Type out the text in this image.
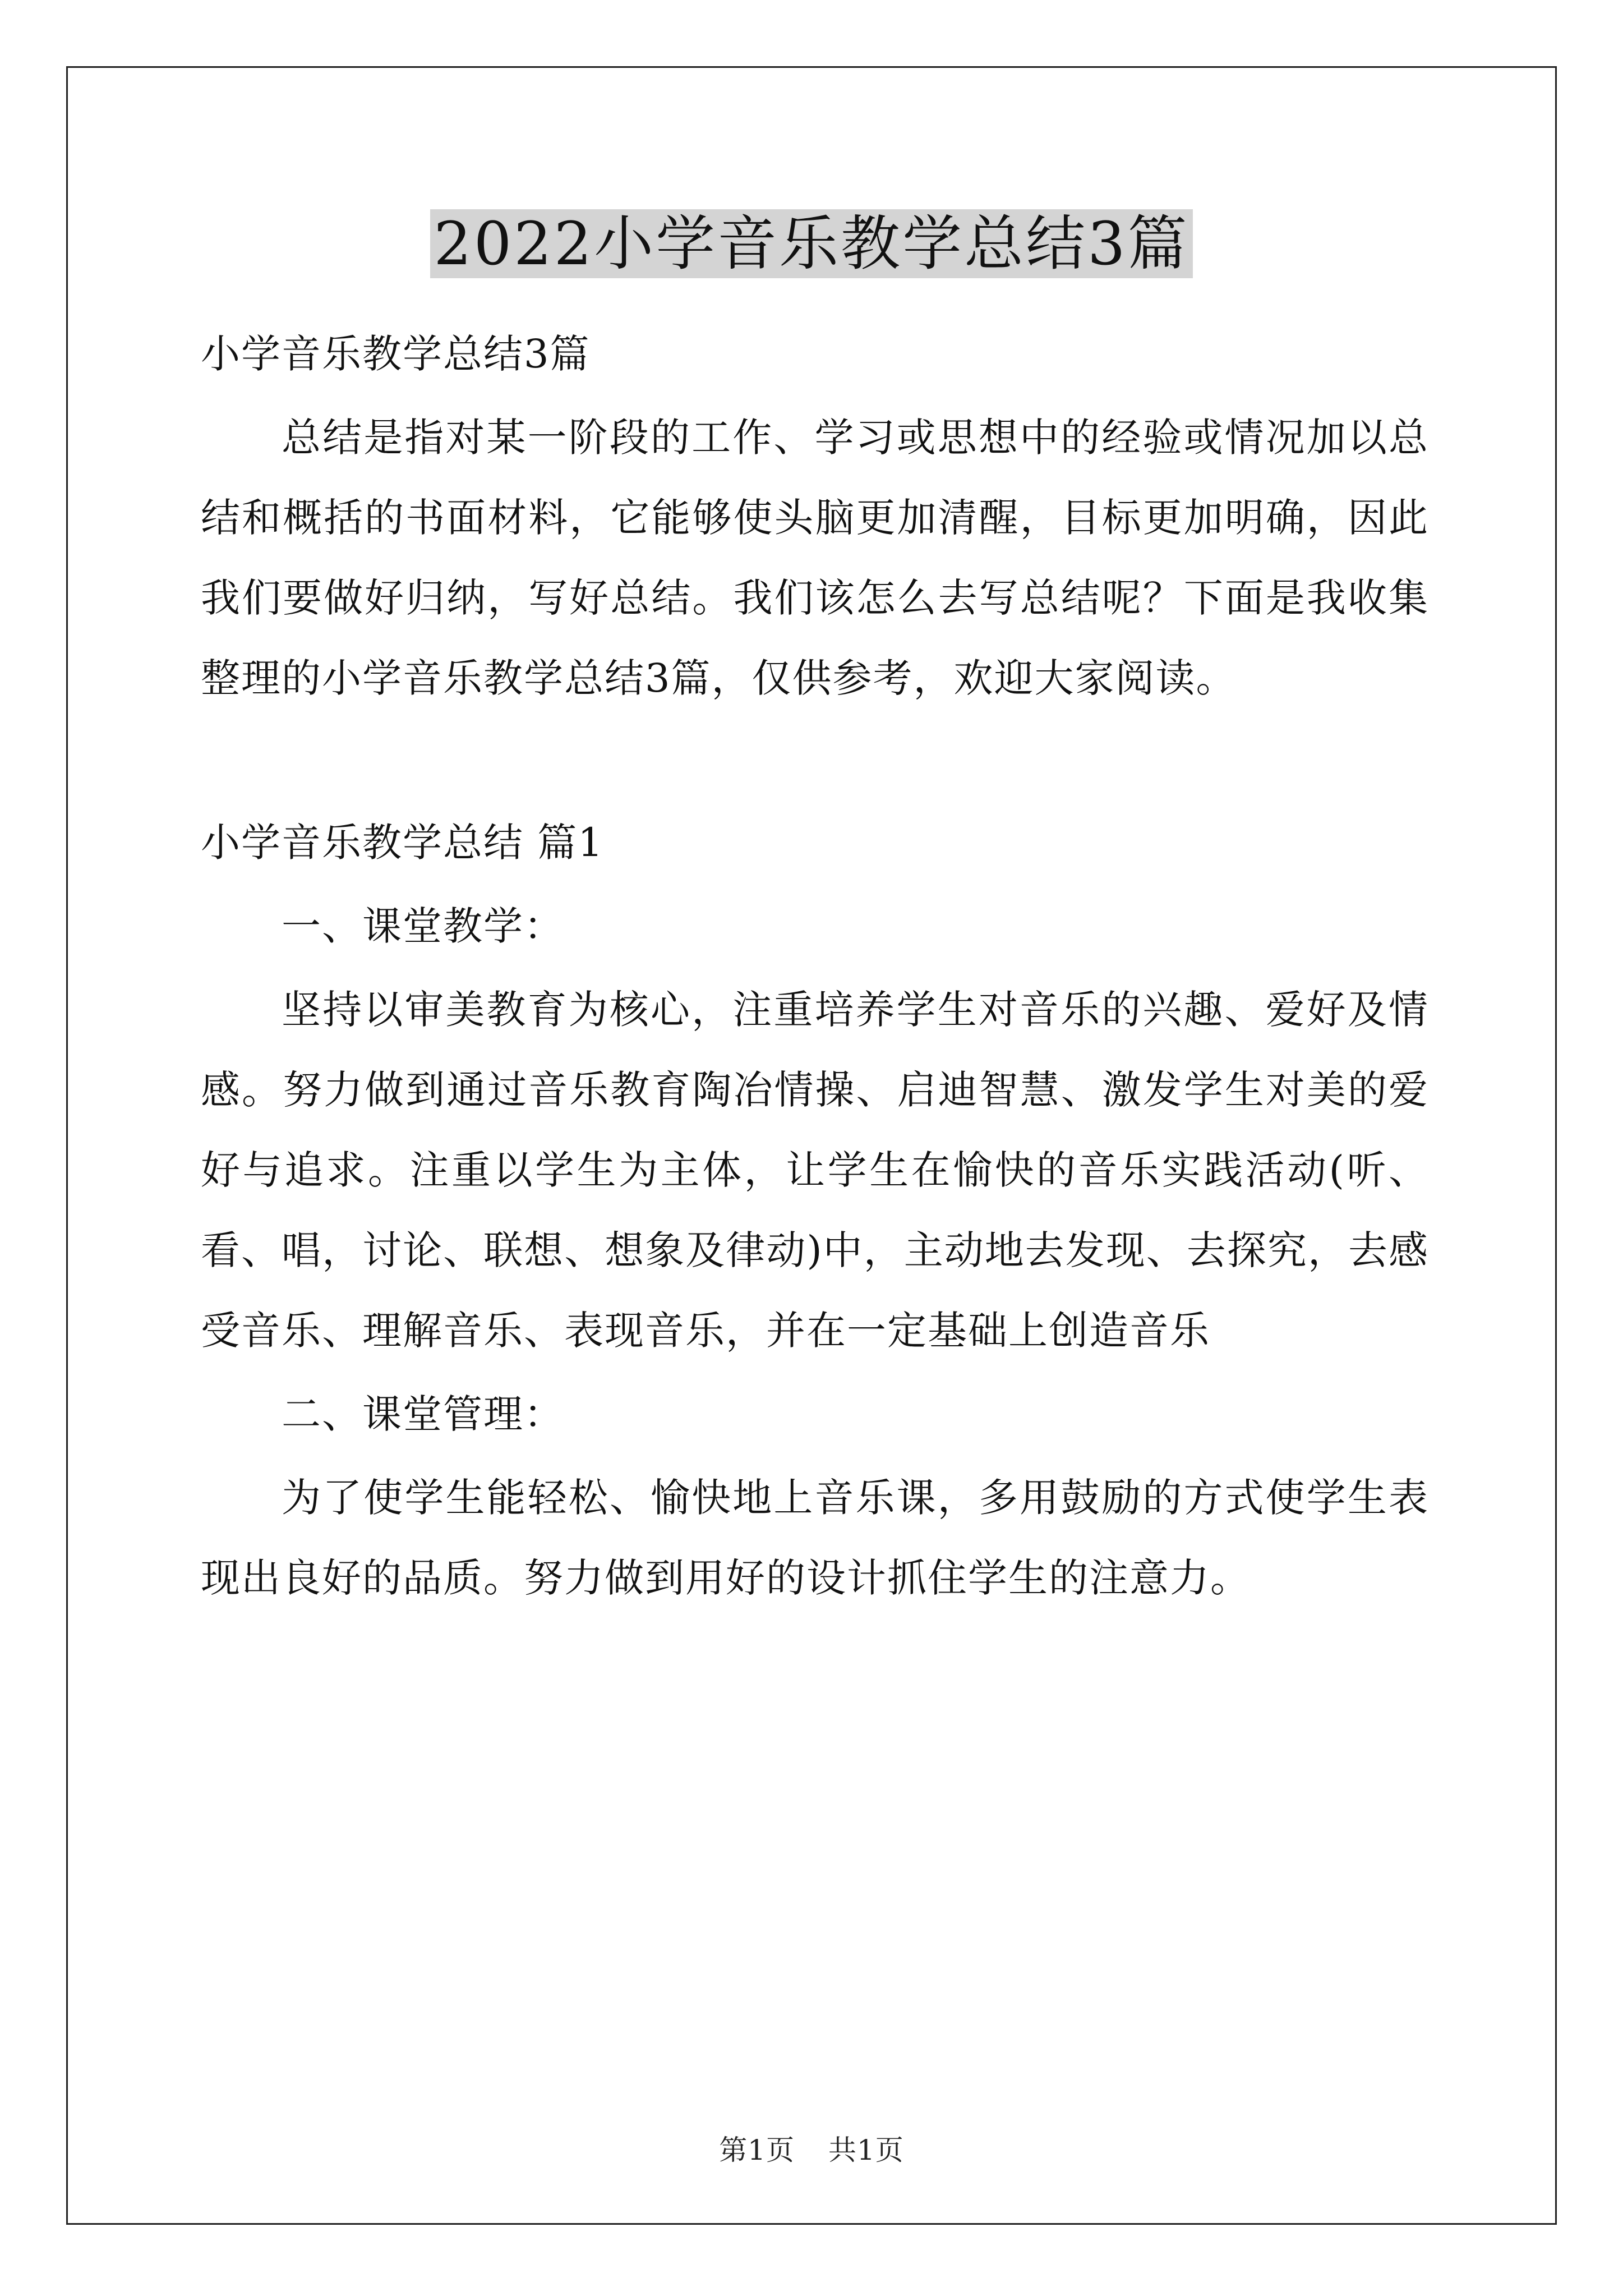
2022小学音乐教学总结3篇

小学音乐教学总结3篇

总结是指对某一阶段的工作、学习或思想中的经验或情况加以总结和概括的书面材料，它能够使头脑更加清醒，目标更加明确，因此我们要做好归纳，写好总结。我们该怎么去写总结呢？下面是我收集整理的小学音乐教学总结3篇，仅供参考，欢迎大家阅读。

小学音乐教学总结 篇1

一、课堂教学：

坚持以审美教育为核心，注重培养学生对音乐的兴趣、爱好及情感。努力做到通过音乐教育陶冶情操、启迪智慧、激发学生对美的爱好与追求。注重以学生为主体，让学生在愉快的音乐实践活动(听、看、唱，讨论、联想、想象及律动)中，主动地去发现、去探究，去感受音乐、理解音乐、表现音乐，并在一定基础上创造音乐

二、课堂管理：

为了使学生能轻松、愉快地上音乐课，多用鼓励的方式使学生表现出良好的品质。努力做到用好的设计抓住学生的注意力。

第1页 共1页
